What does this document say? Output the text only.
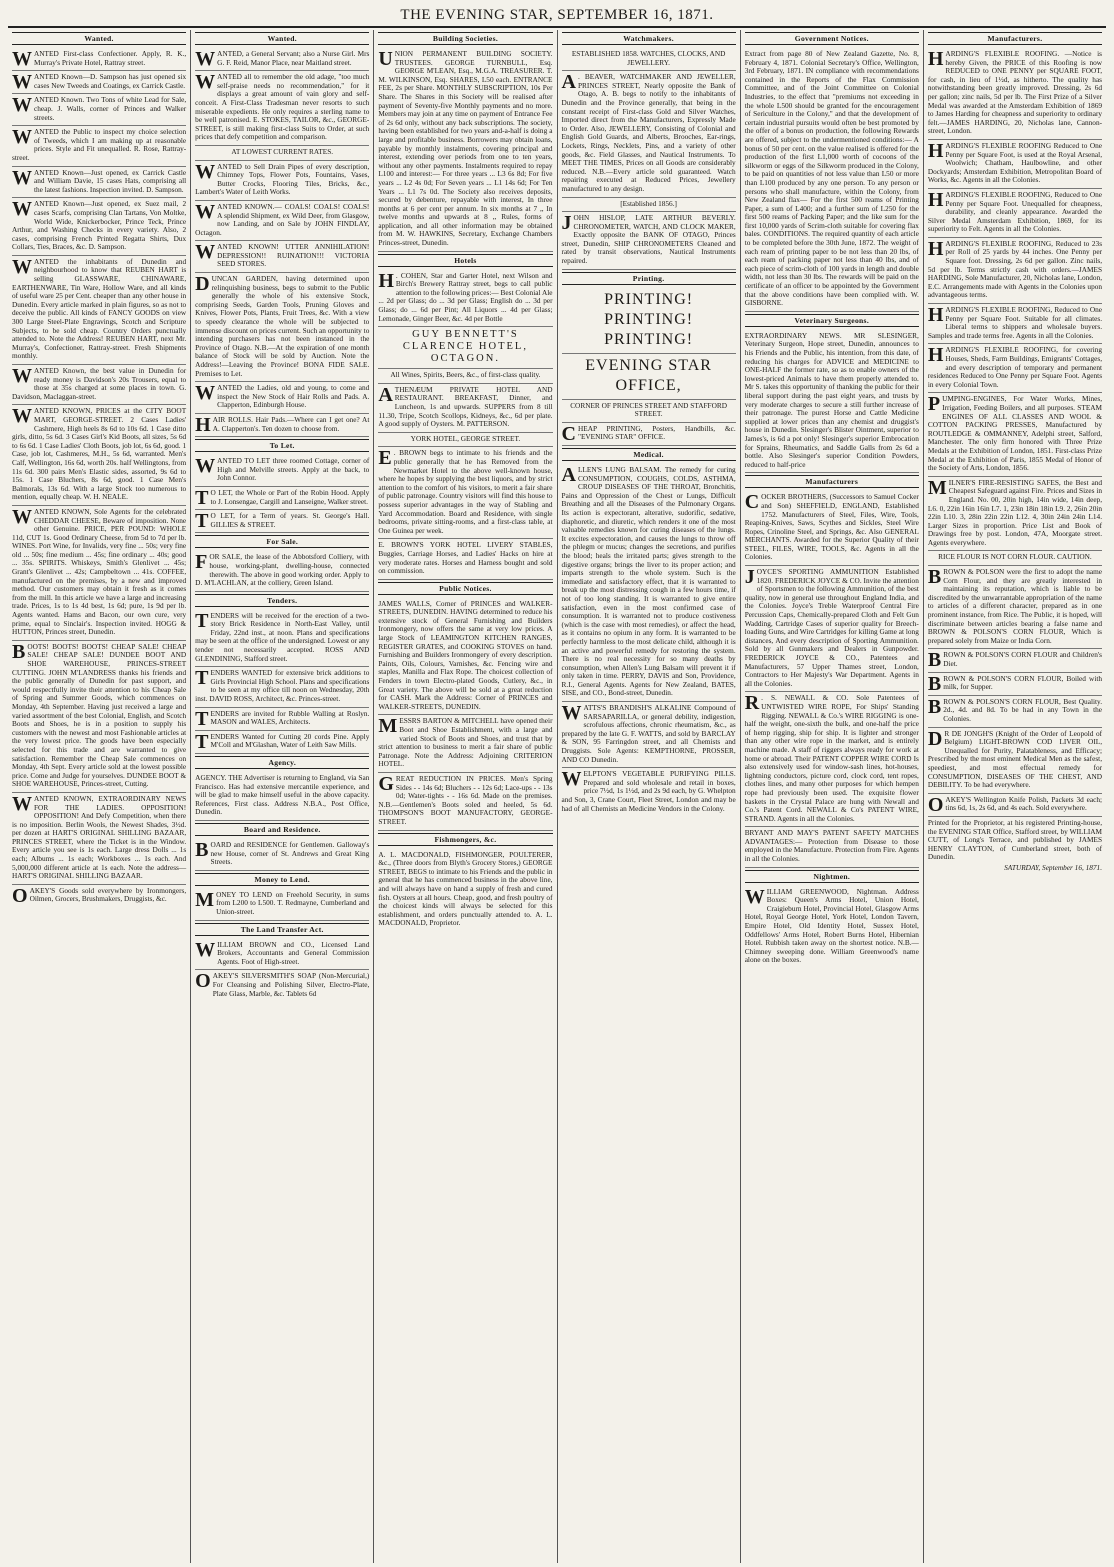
THE EVENING STAR, SEPTEMBER 16, 1871.
Wanted.
WANTED First-class Confectioner. Apply, R. K., Murray's Private Hotel, Rattray street.
WANTED Known—D. Sampson has just opened six cases New Tweeds and Coatings, ex Carrick Castle.
WANTED Known. Two Tons of white Lead for Sale, cheap. J. Walls, corner of Princes and Walker streets.
WANTED the Public to inspect my choice selection of Tweeds, which I am making up at reasonable prices. Style and Fit unequalled. R. Rose, Rattray-street.
WANTED Known—Just opened, ex Carrick Castle and William Davie, 15 cases Hats, comprising all the latest fashions. Inspection invited. D. Sampson.
WANTED Known—Just opened, ex Suez mail, 2 cases Scarfs, comprising Clan Tartans, Von Moltke, World Wide, Knickerbocker, Prince Teck, Prince Arthur, and Washing Checks in every variety. Also, 2 cases, comprising French Printed Regatta Shirts, Dux Collars, Ties, Braces, &c. D. Sampson.
WANTED the inhabitants of Dunedin and neighbourhood to know that REUBEN HART is selling GLASSWARE, CHINAWARE, EARTHENWARE, Tin Ware, Hollow Ware, and all kinds of useful ware 25 per Cent. cheaper than any other house in Dunedin. Every article marked in plain figures, so as not to deceive the public. All kinds of FANCY GOODS on view 300 Large Steel-Plate Engravings, Scotch and Scripture Subjects, to be sold cheap. Country Orders punctually attended to. Note the Address! REUBEN HART, next Mr. Murray's, Confectioner, Rattray-street. Fresh Shipments monthly.
WANTED Known, the best value in Dunedin for ready money is Davidson's 20s Trousers, equal to those at 35s charged at some places in town. G. Davidson, Maclaggan-street.
WANTED KNOWN, PRICES at the CITY BOOT MART, GEORGE-STREET. 2 Cases Ladies' Cashmere, High heels 8s 6d to 10s 6d. 1 Case ditto girls, ditto, 5s 6d. 3 Cases Girl's Kid Boots, all sizes, 5s 6d to 6s 6d. 1 Case Ladies' Cloth Boots, job lot, 6s 6d, good. 1 Case, job lot, Cashmeres, M.H., 5s 6d, warranted. Men's Calf, Wellington, 16s 6d, worth 20s. half Wellingtons, from 11s 6d. 300 pairs Men's Elastic sides, assorted, 9s 6d to 15s. 1 Case Bluchers, 8s 6d, good. 1 Case Men's Balmorals, 13s 6d. With a large Stock too numerous to mention, equally cheap. W. H. NEALE.
WANTED KNOWN, Sole Agents for the celebrated CHEDDAR CHEESE, Beware of imposition. None other Genuine. PRICE, PER POUND: WHOLE 11d, CUT 1s. Good Ordinary Cheese, from 5d to 7d per lb. WINES. Port Wine, for Invalids, very fine ... 50s; very fine old ... 50s; fine medium ... 45s; fine ordinary ... 40s; good ... 35s. SPIRITS. Whiskeys, Smith's Glenlivet ... 45s; Grant's Glenlivet ... 42s; Campbeltown ... 41s. COFFEE, manufactured on the premises, by a new and improved method. Our customers may obtain it fresh as it comes from the mill. In this article we have a large and increasing trade. Prices, 1s to 1s 4d best, 1s 6d; pure, 1s 9d per lb. Agents wanted. Hams and Bacon, our own cure, very prime, equal to Sinclair's. Inspection invited. HOGG & HUTTON, Princes street, Dunedin.
BOOTS! BOOTS! BOOTS! CHEAP SALE! CHEAP SALE! CHEAP SALE! DUNDEE BOOT AND SHOE WAREHOUSE, PRINCES-STREET CUTTING. JOHN M'LANDRESS thanks his friends and the public generally of Dunedin for past support, and would respectfully invite their attention to his Cheap Sale of Spring and Summer Goods, which commences on Monday, 4th September. Having just received a large and varied assortment of the best Colonial, English, and Scotch Boots and Shoes, he is in a position to supply his customers with the newest and most Fashionable articles at the very lowest price. The goods have been especially selected for this trade and are warranted to give satisfaction. Remember the Cheap Sale commences on Monday, 4th Sept. Every article sold at the lowest possible price. Come and Judge for yourselves. DUNDEE BOOT & SHOE WAREHOUSE, Princes-street, Cutting.
WANTED KNOWN, EXTRAORDINARY NEWS FOR THE LADIES. OPPOSITION! OPPOSITION! And Defy Competition, when there is no imposition. Berlin Wools, the Newest Shades, 3½d. per dozen at HART'S ORIGINAL SHILLING BAZAAR, PRINCES STREET, where the Ticket is in the Window. Every article you see is 1s each. Large dress Dolls ... 1s each; Albums ... 1s each; Workboxes ... 1s each. And 5,000,000 different article at 1s each. Note the address—HART'S ORIGINAL SHILLING BAZAAR.
OAKEY'S Goods sold everywhere by Ironmongers, Oilmen, Grocers, Brushmakers, Druggists, &c.
Wanted.
WANTED, a General Servant; also a Nurse Girl. Mrs G. F. Reid, Manor Place, near Maitland street.
WANTED all to remember the old adage, "too much self-praise needs no recommendation," for it displays a great amount of vain glory and self-conceit. A First-Class Tradesman never resorts to such miserable expedients. He only requires a sterling name to be well patronised. E. STOKES, TAILOR, &c., GEORGE-STREET, is still making first-class Suits to Order, at such prices that defy competition and comparison.
AT LOWEST CURRENT RATES.
WANTED to Sell Drain Pipes of every description, Chimney Tops, Flower Pots, Fountains, Vases, Butter Crocks, Flooring Tiles, Bricks, &c., Lambert's Water of Leith Works.
WANTED KNOWN.— COALS! COALS! COALS! A splendid Shipment, ex Wild Deer, from Glasgow, now Landing, and on Sale by JOHN FINDLAY, Octagon.
WANTED KNOWN! UTTER ANNIHILATION! DEPRESSION!! RUINATION!!! VICTORIA SEED STORES.
DUNCAN GARDEN, having determined upon relinquishing business, begs to submit to the Public generally the whole of his extensive Stock, comprising Seeds, Garden Tools, Pruning Gloves and Knives, Flower Pots, Plants, Fruit Trees, &c. With a view to speedy clearance the whole will be subjected to immense discount on prices current. Such an opportunity to intending purchasers has not been instanced in the Province of Otago. N.B.—At the expiration of one month balance of Stock will be sold by Auction. Note the Address!—Leaving the Province! BONA FIDE SALE. Premises to Let.
WANTED the Ladies, old and young, to come and inspect the New Stock of Hair Rolls and Pads. A. Clapperton, Edinburgh House.
HAIR ROLLS. Hair Pads.—Where can I get one? At A. Clapperton's. Ten dozen to choose from.
To Let.
WANTED TO LET three roomed Cottage, corner of High and Melville streets. Apply at the back, to John Connor.
T O LET, the Whole or Part of the Robin Hood. Apply to J. Lonsengae, Cargill and Lanseigne, Walker street.
T O LET, for a Term of years. St. George's Hall. GILLIES & STREET.
For Sale.
FOR SALE, the lease of the Abbotsford Colliery, with house, working-plant, dwelling-house, connected therewith. The above in good working order. Apply to D. M'LACHLAN, at the colliery, Green Island.
Tenders.
TENDERS will be received for the erection of a two-story Brick Residence in North-East Valley, until Friday, 22nd inst., at noon. Plans and specifications may be seen at the office of the undersigned. Lowest or any tender not necessarily accepted. ROSS AND GLENDINING, Stafford street.
TENDERS WANTED for extensive brick additions to Girls Provincial High School. Plans and specifications to be seen at my office till noon on Wednesday, 20th inst. DAVID ROSS, Architect, &c. Princes-street.
TENDERS are invited for Rubble Walling at Roslyn. MASON and WALES, Architects.
TENDERS Wanted for Cutting 20 cords Pine. Apply M'Coll and M'Glashan, Water of Leith Saw Mills.
Agency.
AGENCY. THE Advertiser is returning to England, via San Francisco. Has had extensive mercantile experience, and will be glad to make himself useful in the above capacity. References, First class. Address N.B.A., Post Office, Dunedin.
Board and Residence.
BOARD and RESIDENCE for Gentlemen. Galloway's new House, corner of St. Andrews and Great King Streets.
Money to Lend.
MONEY TO LEND on Freehold Security, in sums from L200 to L500. T. Redmayne, Cumberland and Union-street.
The Land Transfer Act.
WILLIAM BROWN and CO., Licensed Land Brokers, Accountants and General Commission Agents. Foot of High-street.
OAKEY'S SILVERSMITH'S SOAP (Non-Mercurial,) For Cleansing and Polishing Silver, Electro-Plate, Plate Glass, Marble, &c. Tablets 6d
Building Societies.
UNION PERMANENT BUILDING SOCIETY. TRUSTEES. GEORGE TURNBULL, Esq. GEORGE M'LEAN, Esq., M.G.A. TREASURER. T. M. WILKINSON, Esq. SHARES, L50 each. ENTRANCE FEE, 2s per Share. MONTHLY SUBSCRIPTION, 10s Per Share. The Shares in this Society will be realised after payment of Seventy-five Monthly payments and no more. Members may join at any time on payment of Entrance Fee of 2s 6d only, without any back subscriptions. The society, having been established for two years and-a-half is doing a large and profitable business. Borrowers may obtain loans, payable by monthly instalments, covering principal and interest, extending over periods from one to ten years, without any other payments. Instalments required to repay L100 and interest:— For three years ... L3 6s 8d; For five years ... L2 4s 0d; For Seven years ... L1 14s 6d; For Ten Years ... L1 7s 0d. The Society also receives deposits, secured by debenture, repayable with interest, In three months at 6 per cent per annum. In six months at 7 ,, In twelve months and upwards at 8 ,, Rules, forms of application, and all other information may be obtained from M. W. HAWKINS, Secretary, Exchange Chambers Princes-street, Dunedin.
Hotels
H . COHEN, Star and Garter Hotel, next Wilson and Birch's Brewery Rattray street, begs to call public attention to the following prices:— Best Colonial Ale ... 2d per Glass; do ... 3d per Glass; English do ... 3d per Glass; do ... 6d per Pint; All Liquors ... 4d per Glass; Lemonade, Ginger Beer, &c. 4d per Bottle
GUY BENNETT'S CLARENCE HOTEL, OCTAGON.
All Wines, Spirits, Beers, &c., of first-class quality.
ATHENÆUM PRIVATE HOTEL AND RESTAURANT. BREAKFAST, Dinner, and Luncheon, 1s and upwards. SUPPERS from 8 till 11.30, Tripe, Scotch Scollops, Kidneys, &c., 6d per plate. A good supply of Oysters. M. PATTERSON.
YORK HOTEL, GEORGE STREET.
E . BROWN begs to intimate to his friends and the public generally that he has Removed from the Newmarket Hotel to the above well-known house, where he hopes by supplying the best liquors, and by strict attention to the comfort of his visitors, to merit a fair share of public patronage. Country visitors will find this house to possess superior advantages in the way of Stabling and Yard Accommodation. Board and Residence, with single bedrooms, private sitting-rooms, and a first-class table, at One Guinea per week.
E. BROWN'S YORK HOTEL LIVERY STABLES, Buggies, Carriage Horses, and Ladies' Hacks on hire at very moderate rates. Horses and Harness bought and sold on commission.
Public Notices.
JAMES WALLS, Corner of PRINCES and WALKER-STREETS, DUNEDIN. HAVING determined to reduce his extensive stock of General Furnishing and Builders Ironmongery, now offers the same at very low prices. A large Stock of LEAMINGTON KITCHEN RANGES, REGISTER GRATES, and COOKING STOVES on hand. Furnishing and Builders Ironmongery of every description. Paints, Oils, Colours, Varnishes, &c. Fencing wire and staples, Manilla and Flax Rope. The choicest collection of Fenders in town Electro-plated Goods, Cutlery, &c., in Great variety. The above will be sold at a great reduction for CASH. Mark the Address: Corner of PRINCES and WALKER-STREETS, DUNEDIN.
MESSRS BARTON & MITCHELL have opened their Boot and Shoe Establishment, with a large and varied Stock of Boots and Shoes, and trust that by strict attention to business to merit a fair share of public Patronage. Note the Address: Adjoining CRITERION HOTEL.
GREAT REDUCTION IN PRICES. Men's Spring Sides - - 14s 6d; Bluchers - - 12s 6d; Lace-ups - - 13s 0d; Water-tights - - 16s 6d. Made on the premises. N.B.—Gentlemen's Boots soled and heeled, 5s 6d. THOMPSON'S BOOT MANUFACTORY, GEORGE-STREET.
Fishmongers, &c.
A. L. MACDONALD, FISHMONGER, POULTERER, &c., (Three doors from Blyth's Grocery Stores,) GEORGE STREET, BEGS to intimate to his Friends and the public in general that he has commenced business in the above line, and will always have on hand a supply of fresh and cured fish. Oysters at all hours. Cheap, good, and fresh poultry of the choicest kinds will always be selected for this establishment, and orders punctually attended to. A. L. MACDONALD, Proprietor.
Watchmakers.
ESTABLISHED 1858. WATCHES, CLOCKS, AND JEWELLERY.
A . BEAVER, WATCHMAKER AND JEWELLER, PRINCES STREET, Nearly opposite the Bank of Otago, A. B. begs to notify to the inhabitants of Dunedin and the Province generally, that being in the constant receipt of First-class Gold and Silver Watches, Imported direct from the Manufacturers, Expressly Made to Order. Also, JEWELLERY, Consisting of Colonial and English Gold Guards, and Alberts, Brooches, Ear-rings, Lockets, Rings, Necklets, Pins, and a variety of other goods, &c. Field Glasses, and Nautical Instruments. To MEET THE TIMES, Prices on all Goods are considerably reduced. N.B.—Every article sold guaranteed. Watch repairing executed at Reduced Prices, Jewellery manufactured to any design.
[Established 1856.]
JOHN HISLOP, LATE ARTHUR BEVERLY. CHRONOMETER, WATCH, AND CLOCK MAKER, Exactly opposite the BANK OF OTAGO, Princes street, Dunedin, SHIP CHRONOMETERS Cleaned and rated by transit observations, Nautical Instruments repaired.
Printing.
PRINTING! PRINTING! PRINTING!
EVENING STAR OFFICE,
CORNER OF PRINCES STREET AND STAFFORD STREET.
CHEAP PRINTING, Posters, Handbills, &c. "EVENING STAR" OFFICE.
Medical.
ALLEN'S LUNG BALSAM. The remedy for curing CONSUMPTION, COUGHS, COLDS, ASTHMA, CROUP DISEASES OF THE THROAT, Bronchitis, Pains and Oppression of the Chest or Lungs, Difficult Breathing and all the Diseases of the Pulmonary Organs. Its action is expectorant, alterative, sudorific, sedative, diaphoretic, and diuretic, which renders it one of the most valuable remedies known for curing diseases of the lungs. It excites expectoration, and causes the lungs to throw off the phlegm or mucus; changes the secretions, and purifies the blood; heals the irritated parts; gives strength to the digestive organs; brings the liver to its proper action; and imparts strength to the whole system. Such is the immediate and satisfactory effect, that it is warranted to break up the most distressing cough in a few hours time, if not of too long standing. It is warranted to give entire satisfaction, even in the most confirmed case of consumption. It is warranted not to produce costiveness (which is the case with most remedies), or affect the head, as it contains no opium in any form. It is warranted to be perfectly harmless to the most delicate child, although it is an active and powerful remedy for restoring the system. There is no real necessity for so many deaths by consumption, when Allen's Lung Balsam will prevent it if only taken in time. PERRY, DAVIS and Son, Providence, R.I., General Agents. Agents for New Zealand, BATES, SISE, and CO., Bond-street, Dunedin.
WATTS'S BRANDISH'S ALKALINE Compound of SARSAPARILLA, or general debility, indigestion, scrofulous affections, chronic rheumatism, &c., as prepared by the late G. F. WATTS, and sold by BARCLAY & SON, 95 Farringdon street, and all Chemists and Druggists. Sole Agents: KEMPTHORNE, PROSSER, AND CO Dunedin.
WELPTON'S VEGETABLE PURIFYING PILLS. Prepared and sold wholesale and retail in boxes, price 7½d, 1s 1½d, and 2s 9d each, by G. Whelpton and Son, 3, Crane Court, Fleet Street, London and may be had of all Chemists an Medicine Vendors in the Colony.
Government Notices.
Extract from page 80 of New Zealand Gazette, No. 8, February 4, 1871. Colonial Secretary's Office, Wellington, 3rd February, 1871. IN compliance with recommendations contained in the Reports of the Flax Commission Committee, and of the Joint Committee on Colonial Industries, to the effect that "premiums not exceeding in the whole L500 should be granted for the encouragement of Sericulture in the Colony," and that the development of certain industrial pursuits would often be best promoted by the offer of a bonus on production, the following Rewards are offered, subject to the undermentioned conditions:— A bonus of 50 per cent. on the value realised is offered for the production of the first L1,000 worth of cocoons of the silkworm or eggs of the Silkworm produced in the Colony, to be paid on quantities of not less value than L50 or more than L100 produced by any one person. To any person or persons who shall manufacture, within the Colony, from New Zealand flax— For the first 500 reams of Printing Paper, a sum of L400; and a further sum of L250 for the first 500 reams of Packing Paper; and the like sum for the first 10,000 yards of Scrim-cloth suitable for covering flax bales. CONDITIONS. The required quantity of each article to be completed before the 30th June, 1872. The weight of each ream of printing paper to be not less than 20 lbs, of each ream of packing paper not less than 40 lbs, and of each piece of scrim-cloth of 100 yards in length and double width, not less than 30 lbs. The rewards will be paid on the certificate of an officer to be appointed by the Government that the above conditions have been complied with. W. GISBORNE.
Veterinary Surgeons.
EXTRAORDINARY NEWS. MR SLESINGER, Veterinary Surgeon, Hope street, Dunedin, announces to his Friends and the Public, his intention, from this date, of reducing his charges for ADVICE and MEDICINE to ONE-HALF the former rate, so as to enable owners of the lowest-priced Animals to have them properly attended to. Mr S. takes this opportunity of thanking the public for their liberal support during the past eight years, and trusts by very moderate charges to secure a still further increase of their patronage. The purest Horse and Cattle Medicine supplied at lower prices than any chemist and druggist's house in Dunedin. Slesinger's Blister Ointment, superior to James's, is 6d a pot only! Slesinger's superior Embrocation for Sprains, Rheumatics, and Saddle Galls from 2s 6d a bottle. Also Slesinger's superior Condition Powders, reduced to half-price
Manufacturers
COCKER BROTHERS, (Successors to Samuel Cocker and Son) SHEFFIELD, ENGLAND, Established 1752. Manufacturers of Steel, Files, Wire, Tools, Reaping-Knives, Saws, Scythes and Sickles, Steel Wire Ropes, Crinoline Steel, and Springs, &c. Also GENERAL MERCHANTS. Awarded for the Superior Quality of their STEEL, FILES, WIRE, TOOLS, &c. Agents in all the Colonies.
JOYCE'S SPORTING AMMUNITION Established 1820. FREDERICK JOYCE & CO. Invite the attention of Sportsmen to the following Ammunition, of the best quality, now in general use throughout England India, and the Colonies. Joyce's Treble Waterproof Central Fire Percussion Caps, Chemically-prepared Cloth and Felt Gun Wadding, Cartridge Cases of superior quality for Breech-loading Guns, and Wire Cartridges for killing Game at long distances, And every description of Sporting Ammunition. Sold by all Gunmakers and Dealers in Gunpowder. FREDERICK JOYCE & CO., Patentees and Manufacturers, 57 Upper Thames street, London, Contractors to Her Majesty's War Department. Agents in all the Colonies.
R . S. NEWALL & CO. Sole Patentees of UNTWISTED WIRE ROPE, For Ships' Standing Rigging. NEWALL & Co.'s WIRE RIGGING is one-half the weight, one-sixth the bulk, and one-half the price of hemp rigging, ship for ship. It is lighter and stronger than any other wire rope in the market, and is entirely machine made. A staff of riggers always ready for work at home or abroad. Their PATENT COPPER WIRE CORD Is also extensively used for window-sash lines, hot-houses, lightning conductors, picture cord, clock cord, tent ropes, clothes lines, and many other purposes for which hempen rope had previously been used. The exquisite flower baskets in the Crystal Palace are hung with Newall and Co.'s Patent Cord. NEWALL & Co's PATENT WIRE, STRAND. Agents in all the Colonies.
BRYANT AND MAY'S PATENT SAFETY MATCHES ADVANTAGES:— Protection from Disease to those employed in the Manufacture. Protection from Fire. Agents in all the Colonies.
Nightmen.
WILLIAM GREENWOOD, Nightman. Address Boxes: Queen's Arms Hotel, Union Hotel, Craigieburn Hotel, Provincial Hotel, Glasgow Arms Hotel, Royal George Hotel, York Hotel, London Tavern, Empire Hotel, Old Identity Hotel, Sussex Hotel, Oddfellows' Arms Hotel, Robert Burns Hotel, Hibernian Hotel. Rubbish taken away on the shortest notice. N.B.—Chimney sweeping done. William Greenwood's name alone on the boxes.
Manufacturers.
HARDING'S FLEXIBLE ROOFING. —Notice is hereby Given, the PRICE of this Roofing is now REDUCED to ONE PENNY per SQUARE FOOT, for cash, in lieu of 1½d, as hitherto. The quality has notwithstanding been greatly improved. Dressing, 2s 6d per gallon; zinc nails, 5d per lb. The First Prize of a Silver Medal was awarded at the Amsterdam Exhibition of 1869 to James Harding for cheapness and superiority to ordinary felt.—JAMES HARDING, 20, Nicholas lane, Cannon-street, London.
HARDING'S FLEXIBLE ROOFING Reduced to One Penny per Square Foot, is used at the Royal Arsenal, Woolwich; Chatham, Haulbowline, and other Dockyards; Amsterdam Exhibition, Metropolitan Board of Works, &c. Agents in all the Colonies.
HARDING'S FLEXIBLE ROOFING, Reduced to One Penny per Square Foot. Unequalled for cheapness, durability, and cleanly appearance. Awarded the Silver Medal Amsterdam Exhibition, 1869, for its superiority to Felt. Agents in all the Colonies.
HARDING'S FLEXIBLE ROOFING, Reduced to 23s per Roll of 25 yards by 44 inches. One Penny per Square foot. Dressing, 2s 6d per gallon. Zinc nails, 5d per lb. Terms strictly cash with orders.—JAMES HARDING, Sole Manufacturer, 20, Nicholas lane, London, E.C. Arrangements made with Agents in the Colonies upon advantageous terms.
HARDING'S FLEXIBLE ROOFING, Reduced to One Penny per Square Foot. Suitable for all climates. Liberal terms to shippers and wholesale buyers. Samples and trade terms free. Agents in all the Colonies.
HARDING'S FLEXIBLE ROOFING, for covering Houses, Sheds, Farm Buildings, Emigrants' Cottages, and every description of temporary and permanent residences Reduced to One Penny per Square Foot. Agents in every Colonial Town.
PUMPING-ENGINES, For Water Works, Mines, Irrigation, Feeding Boilers, and all purposes. STEAM ENGINES OF ALL CLASSES AND WOOL & COTTON PACKING PRESSES, Manufactured by ROUTLEDGE & OMMANNEY, Adelphi street, Salford, Manchester. The only firm honored with Three Prize Medals at the Exhibition of London, 1851. First-class Prize Medal at the Exhibition of Paris, 1855 Medal of Honor of the Society of Arts, London, 1856.
MILNER'S FIRE-RESISTING SAFES, the Best and Cheapest Safeguard against Fire. Prices and Sizes in England. No. 00, 20in high, 14in wide, 14in deep, L6. 0, 22in 16in 16in L7. 1, 23in 18in 18in L9. 2, 26in 20in 22in L10. 3, 28in 22in 22in L12. 4, 30in 24in 24in L14. Larger Sizes in proportion. Price List and Book of Drawings free by post. London, 47A, Moorgate street. Agents everywhere.
RICE FLOUR IS NOT CORN FLOUR. CAUTION.
BROWN & POLSON were the first to adopt the name Corn Flour, and they are greatly interested in maintaining its reputation, which is liable to be discredited by the unwarrantable appropriation of the name to articles of a different character, prepared as in one prominent instance, from Rice. The Public, it is hoped, will discriminate between articles bearing a false name and BROWN & POLSON'S CORN FLOUR, Which is prepared solely from Maize or India Corn.
BROWN & POLSON'S CORN FLOUR and Children's Diet.
BROWN & POLSON'S CORN FLOUR, Boiled with milk, for Supper.
BROWN & POLSON'S CORN FLOUR, Best Quality. 2d., 4d. and 8d. To be had in any Town in the Colonies.
D R DE JONGH'S (Knight of the Order of Leopold of Belgium) LIGHT-BROWN COD LIVER OIL, Unequalled for Purity, Palatableness, and Efficacy; Prescribed by the most eminent Medical Men as the safest, speediest, and most effectual remedy for CONSUMPTION, DISEASES OF THE CHEST, AND DEBILITY. To be had everywhere.
OAKEY'S Wellington Knife Polish, Packets 3d each; tins 6d, 1s, 2s 6d, and 4s each. Sold everywhere.
Printed for the Proprietor, at his registered Printing-house, the EVENING STAR Office, Stafford street, by WILLIAM CUTT, of Long's Terrace, and published by JAMES HENRY CLAYTON, of Cumberland street, both of Dunedin.
SATURDAY, September 16, 1871.
